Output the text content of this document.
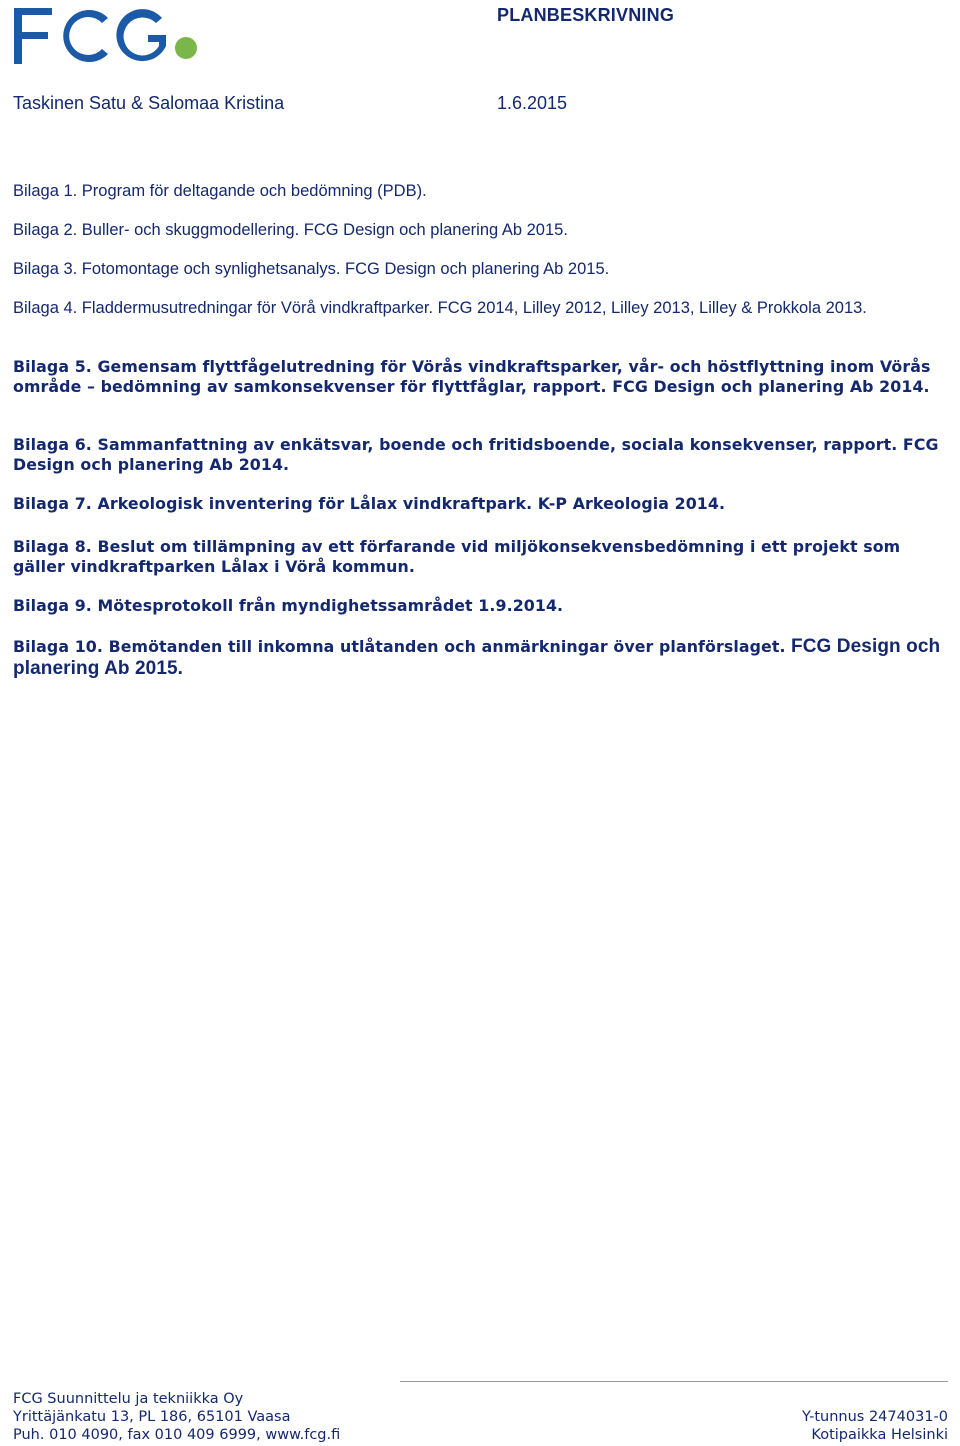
PLANBESKRIVNING
Taskinen Satu & Salomaa Kristina	1.6.2015
Bilaga 1. Program för deltagande och bedömning (PDB).
Bilaga 2. Buller- och skuggmodellering. FCG Design och planering Ab 2015.
Bilaga 3. Fotomontage och synlighetsanalys. FCG Design och planering Ab 2015.
Bilaga 4. Fladdermusutredningar för Vörå vindkraftparker. FCG 2014, Lilley 2012, Lilley 2013, Lilley & Prokkola 2013.
Bilaga 5. Gemensam flyttfågelutredning för Vörås vindkraftsparker, vår- och höstflyttning inom Vörås område – bedömning av samkonsekvenser för flyttfåglar, rapport. FCG Design och planering Ab 2014.
Bilaga 6. Sammanfattning av enkätsvar, boende och fritidsboende, sociala konsekvenser, rapport. FCG Design och planering Ab 2014.
Bilaga 7. Arkeologisk inventering för Lålax vindkraftpark. K-P Arkeologia 2014.
Bilaga 8. Beslut om tillämpning av ett förfarande vid miljökonsekvensbedömning i ett projekt som gäller vindkraftparken Lålax i Vörå kommun.
Bilaga 9. Mötesprotokoll från myndighetssamrådet 1.9.2014.
Bilaga 10. Bemötanden till inkomna utlåtanden och anmärkningar över planförslaget. FCG Design och planering Ab 2015.
FCG Suunnittelu ja tekniikka Oy
Yrittäjänkatu 13, PL 186, 65101 Vaasa	Y-tunnus 2474031-0
Puh. 010 4090, fax 010 409 6999, www.fcg.fi	Kotipaikka Helsinki
